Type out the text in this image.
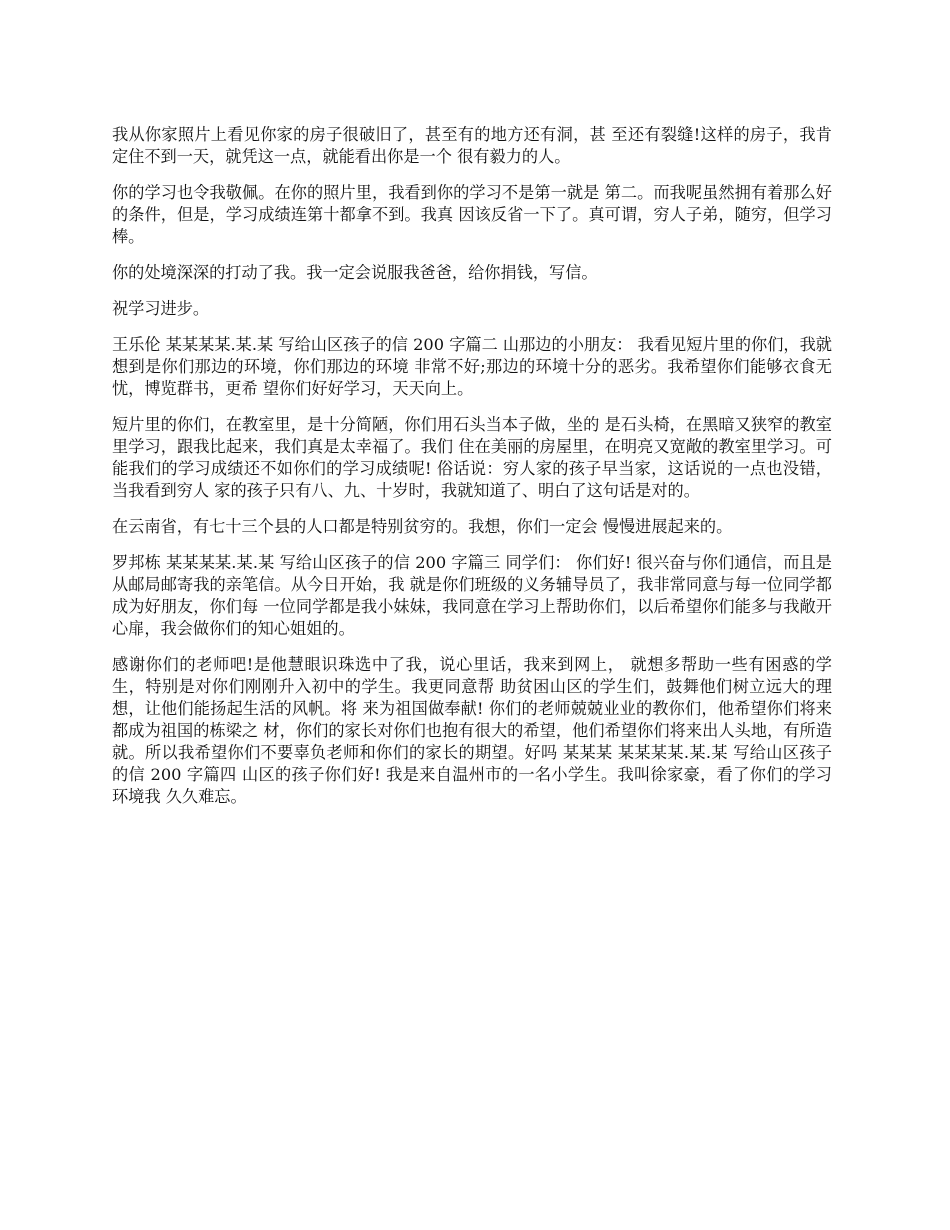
我从你家照片上看见你家的房子很破旧了，甚至有的地方还有洞，甚 至还有裂缝!这样的房子，我肯定住不到一天，就凭这一点，就能看出你是一个 很有毅力的人。

你的学习也令我敬佩。在你的照片里，我看到你的学习不是第一就是 第二。而我呢虽然拥有着那么好的条件，但是，学习成绩连第十都拿不到。我真 因该反省一下了。真可谓，穷人子弟，随穷，但学习棒。

你的处境深深的打动了我。我一定会说服我爸爸，给你捐钱，写信。

祝学习进步。

王乐伦 某某某某.某.某 写给山区孩子的信 200 字篇二 山那边的小朋友： 我看见短片里的你们，我就想到是你们那边的环境，你们那边的环境 非常不好;那边的环境十分的恶劣。我希望你们能够衣食无忧，博览群书，更希 望你们好好学习，天天向上。

短片里的你们，在教室里，是十分简陋，你们用石头当本子做，坐的 是石头椅，在黑暗又狭窄的教室里学习，跟我比起来，我们真是太幸福了。我们 住在美丽的房屋里，在明亮又宽敞的教室里学习。可能我们的学习成绩还不如你们的学习成绩呢! 俗话说：穷人家的孩子早当家，这话说的一点也没错，当我看到穷人 家的孩子只有八、九、十岁时，我就知道了、明白了这句话是对的。

在云南省，有七十三个县的人口都是特别贫穷的。我想，你们一定会 慢慢进展起来的。

罗邦栋 某某某某.某.某 写给山区孩子的信 200 字篇三 同学们： 你们好! 很兴奋与你们通信，而且是从邮局邮寄我的亲笔信。从今日开始，我 就是你们班级的义务辅导员了，我非常同意与每一位同学都成为好朋友，你们每 一位同学都是我小妹妹，我同意在学习上帮助你们，以后希望你们能多与我敞开 心扉，我会做你们的知心姐姐的。

感谢你们的老师吧!是他慧眼识珠选中了我，说心里话，我来到网上， 就想多帮助一些有困惑的学生，特别是对你们刚刚升入初中的学生。我更同意帮 助贫困山区的学生们，鼓舞他们树立远大的理想，让他们能扬起生活的风帆。将 来为祖国做奉献! 你们的老师兢兢业业的教你们，他希望你们将来都成为祖国的栋梁之 材，你们的家长对你们也抱有很大的希望，他们希望你们将来出人头地，有所造 就。所以我希望你们不要辜负老师和你们的家长的期望。好吗 某某某 某某某某.某.某 写给山区孩子的信 200 字篇四 山区的孩子你们好! 我是来自温州市的一名小学生。我叫徐家豪，看了你们的学习环境我 久久难忘。
